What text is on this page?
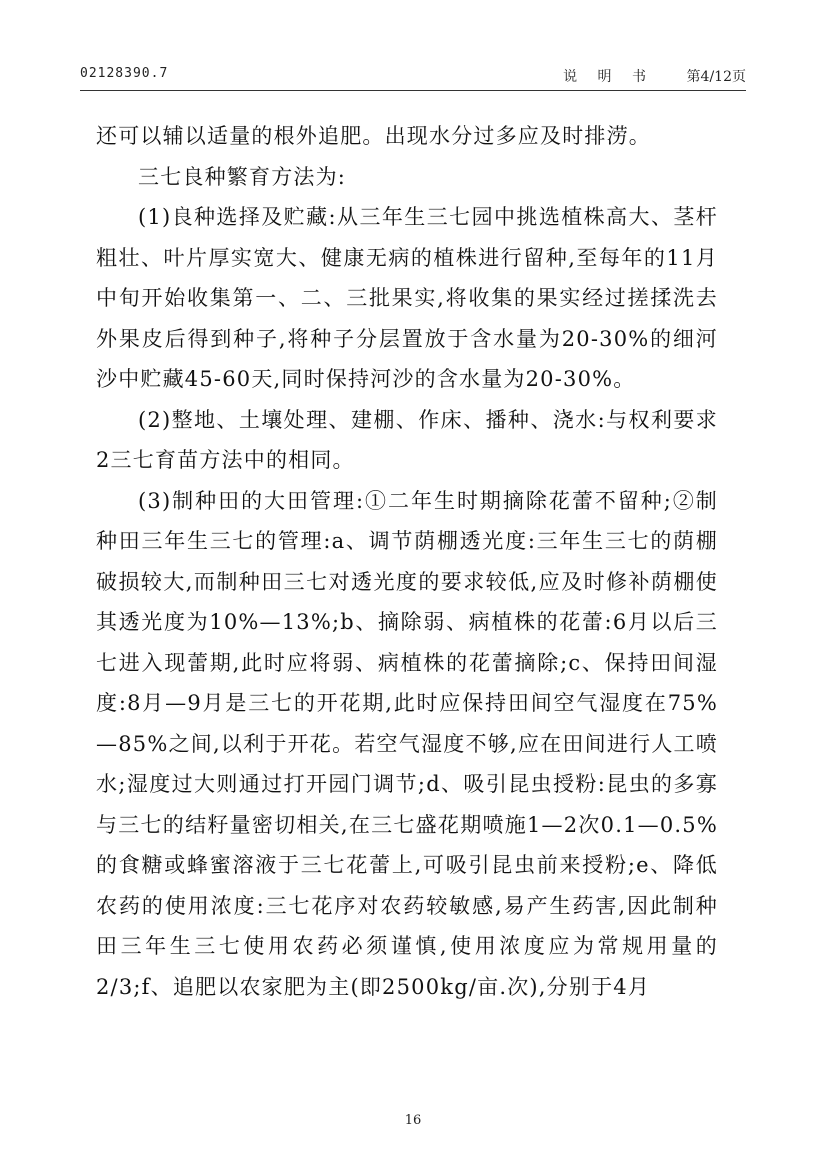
02128390.7	说 明 书 第4/12页

还可以辅以适量的根外追肥。出现水分过多应及时排涝。

三七良种繁育方法为:

(1)良种选择及贮藏:从三年生三七园中挑选植株高大、茎杆粗壮、叶片厚实宽大、健康无病的植株进行留种,至每年的11月中旬开始收集第一、二、三批果实,将收集的果实经过搓揉洗去外果皮后得到种子,将种子分层置放于含水量为20-30%的细河沙中贮藏45-60天,同时保持河沙的含水量为20-30%。

(2)整地、土壤处理、建棚、作床、播种、浇水:与权利要求2三七育苗方法中的相同。

(3)制种田的大田管理:①二年生时期摘除花蕾不留种;②制种田三年生三七的管理:a、调节荫棚透光度:三年生三七的荫棚破损较大,而制种田三七对透光度的要求较低,应及时修补荫棚使其透光度为10%—13%;b、摘除弱、病植株的花蕾:6月以后三七进入现蕾期,此时应将弱、病植株的花蕾摘除;c、保持田间湿度:8月—9月是三七的开花期,此时应保持田间空气湿度在75%—85%之间,以利于开花。若空气湿度不够,应在田间进行人工喷水;湿度过大则通过打开园门调节;d、吸引昆虫授粉:昆虫的多寡与三七的结籽量密切相关,在三七盛花期喷施1—2次0.1—0.5%的食糖或蜂蜜溶液于三七花蕾上,可吸引昆虫前来授粉;e、降低农药的使用浓度:三七花序对农药较敏感,易产生药害,因此制种田三年生三七使用农药必须谨慎,使用浓度应为常规用量的2/3;f、追肥以农家肥为主(即2500kg/亩.次),分别于4月

16
